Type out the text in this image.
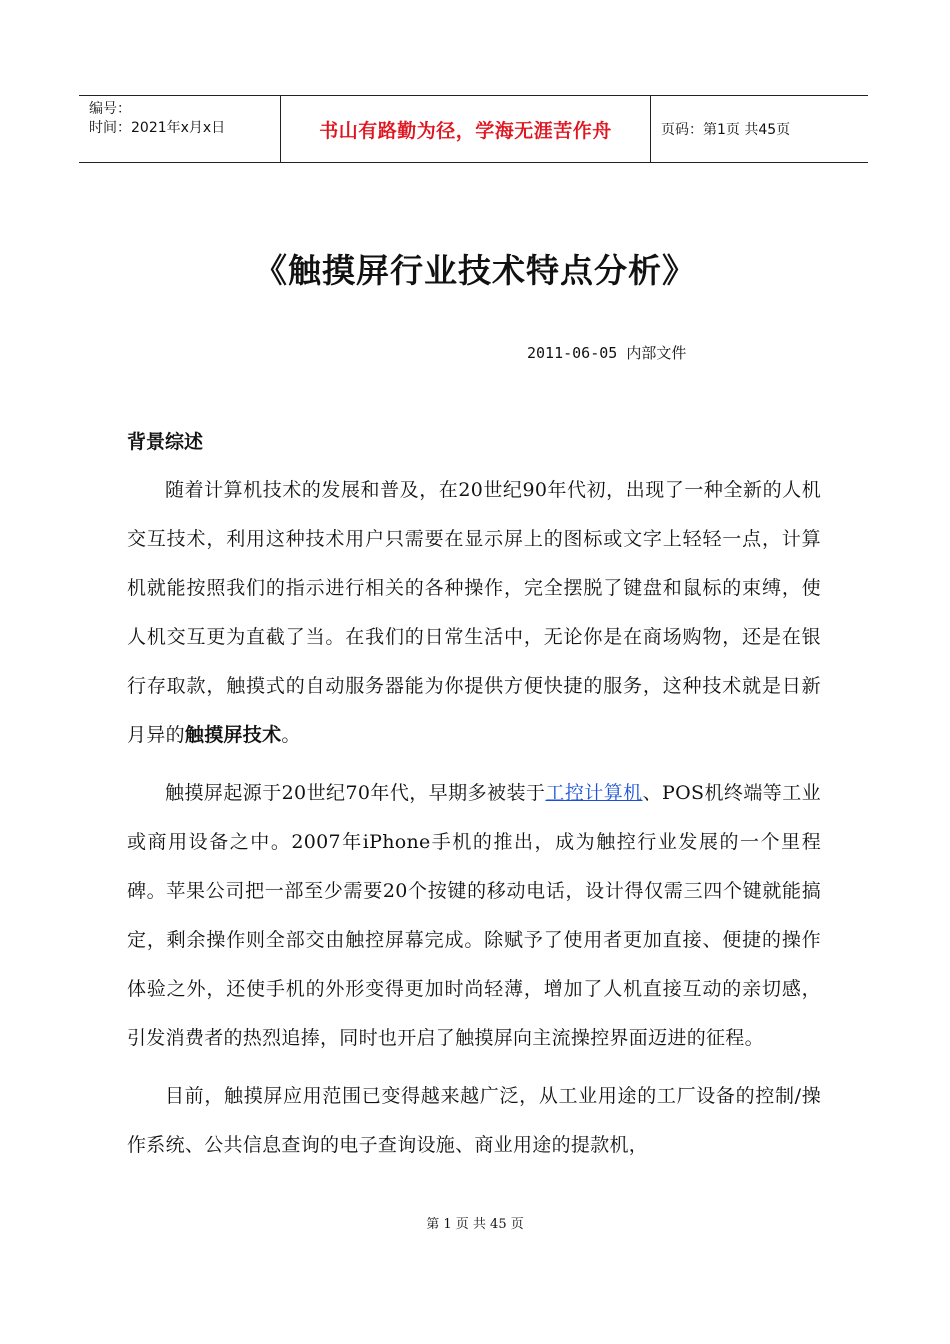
编号：
时间：2021年x月x日	书山有路勤为径，学海无涯苦作舟	页码：第1页 共45页
《触摸屏行业技术特点分析》
2011-06-05 内部文件
背景综述

随着计算机技术的发展和普及，在20世纪90年代初，出现了一种全新的人机交互技术，利用这种技术用户只需要在显示屏上的图标或文字上轻轻一点，计算机就能按照我们的指示进行相关的各种操作，完全摆脱了键盘和鼠标的束缚，使人机交互更为直截了当。在我们的日常生活中，无论你是在商场购物，还是在银行存取款，触摸式的自动服务器能为你提供方便快捷的服务，这种技术就是日新月异的触摸屏技术。

触摸屏起源于20世纪70年代，早期多被装于工控计算机、POS机终端等工业或商用设备之中。2007年iPhone手机的推出，成为触控行业发展的一个里程碑。苹果公司把一部至少需要20个按键的移动电话，设计得仅需三四个键就能搞定，剩余操作则全部交由触控屏幕完成。除赋予了使用者更加直接、便捷的操作体验之外，还使手机的外形变得更加时尚轻薄，增加了人机直接互动的亲切感，引发消费者的热烈追捧，同时也开启了触摸屏向主流操控界面迈进的征程。

目前，触摸屏应用范围已变得越来越广泛，从工业用途的工厂设备的控制/操作系统、公共信息查询的电子查询设施、商业用途的提款机，

第 1 页 共 45 页
